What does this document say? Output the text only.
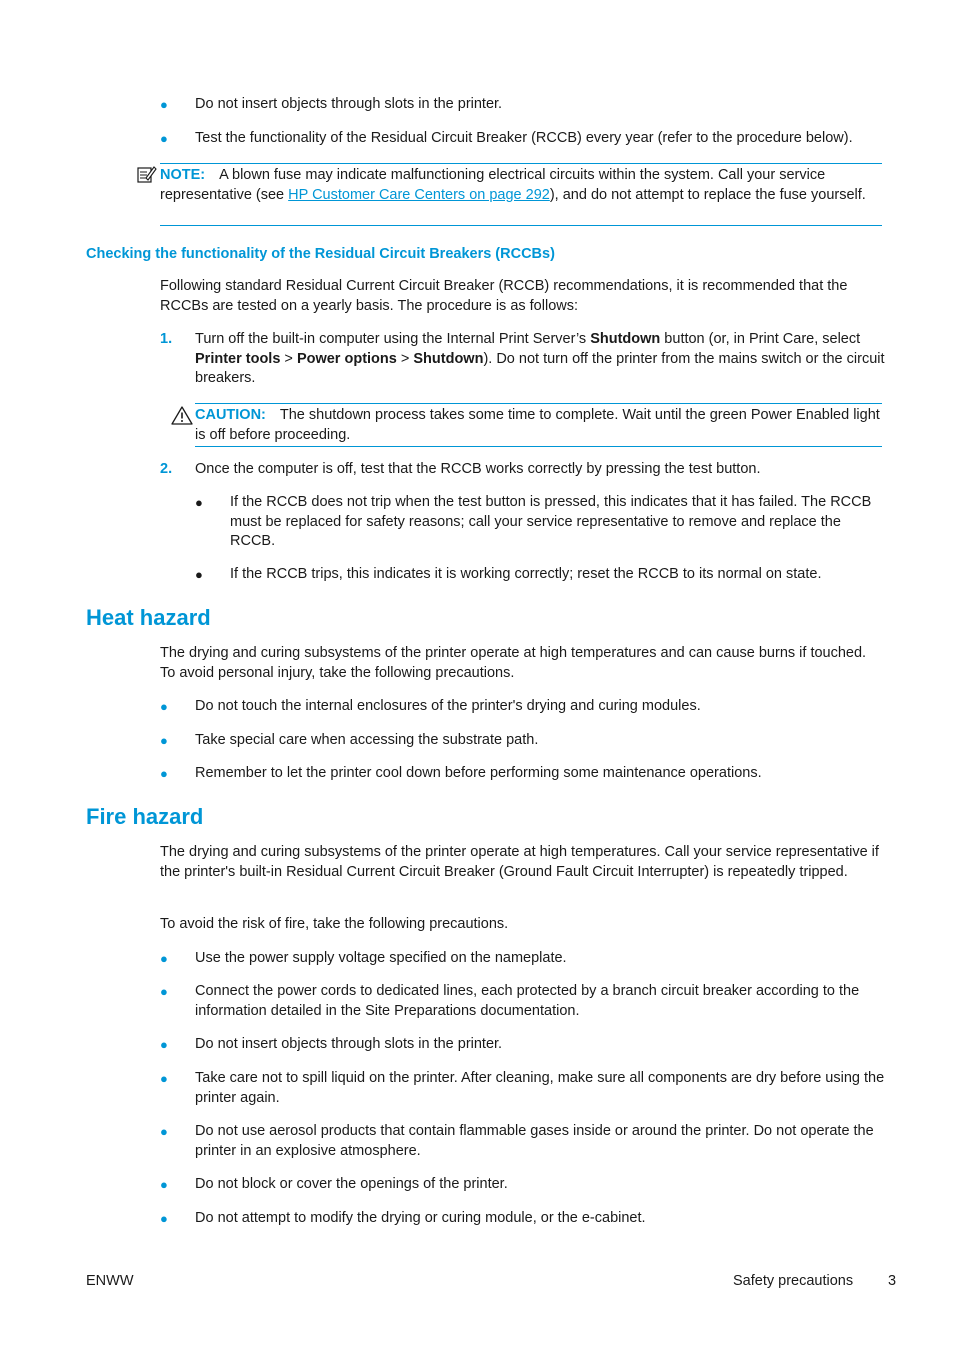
● Do not insert objects through slots in the printer.
● Test the functionality of the Residual Circuit Breaker (RCCB) every year (refer to the procedure below).
NOTE: A blown fuse may indicate malfunctioning electrical circuits within the system. Call your service representative (see HP Customer Care Centers on page 292), and do not attempt to replace the fuse yourself.
Checking the functionality of the Residual Circuit Breakers (RCCBs)
Following standard Residual Current Circuit Breaker (RCCB) recommendations, it is recommended that the RCCBs are tested on a yearly basis. The procedure is as follows:
1. Turn off the built-in computer using the Internal Print Server’s Shutdown button (or, in Print Care, select Printer tools > Power options > Shutdown). Do not turn off the printer from the mains switch or the circuit breakers.
CAUTION: The shutdown process takes some time to complete. Wait until the green Power Enabled light is off before proceeding.
2. Once the computer is off, test that the RCCB works correctly by pressing the test button.
● If the RCCB does not trip when the test button is pressed, this indicates that it has failed. The RCCB must be replaced for safety reasons; call your service representative to remove and replace the RCCB.
● If the RCCB trips, this indicates it is working correctly; reset the RCCB to its normal on state.
Heat hazard
The drying and curing subsystems of the printer operate at high temperatures and can cause burns if touched. To avoid personal injury, take the following precautions.
● Do not touch the internal enclosures of the printer's drying and curing modules.
● Take special care when accessing the substrate path.
● Remember to let the printer cool down before performing some maintenance operations.
Fire hazard
The drying and curing subsystems of the printer operate at high temperatures. Call your service representative if the printer's built-in Residual Current Circuit Breaker (Ground Fault Circuit Interrupter) is repeatedly tripped.
To avoid the risk of fire, take the following precautions.
● Use the power supply voltage specified on the nameplate.
● Connect the power cords to dedicated lines, each protected by a branch circuit breaker according to the information detailed in the Site Preparations documentation.
● Do not insert objects through slots in the printer.
● Take care not to spill liquid on the printer. After cleaning, make sure all components are dry before using the printer again.
● Do not use aerosol products that contain flammable gases inside or around the printer. Do not operate the printer in an explosive atmosphere.
● Do not block or cover the openings of the printer.
● Do not attempt to modify the drying or curing module, or the e-cabinet.
ENWW	Safety precautions 3
